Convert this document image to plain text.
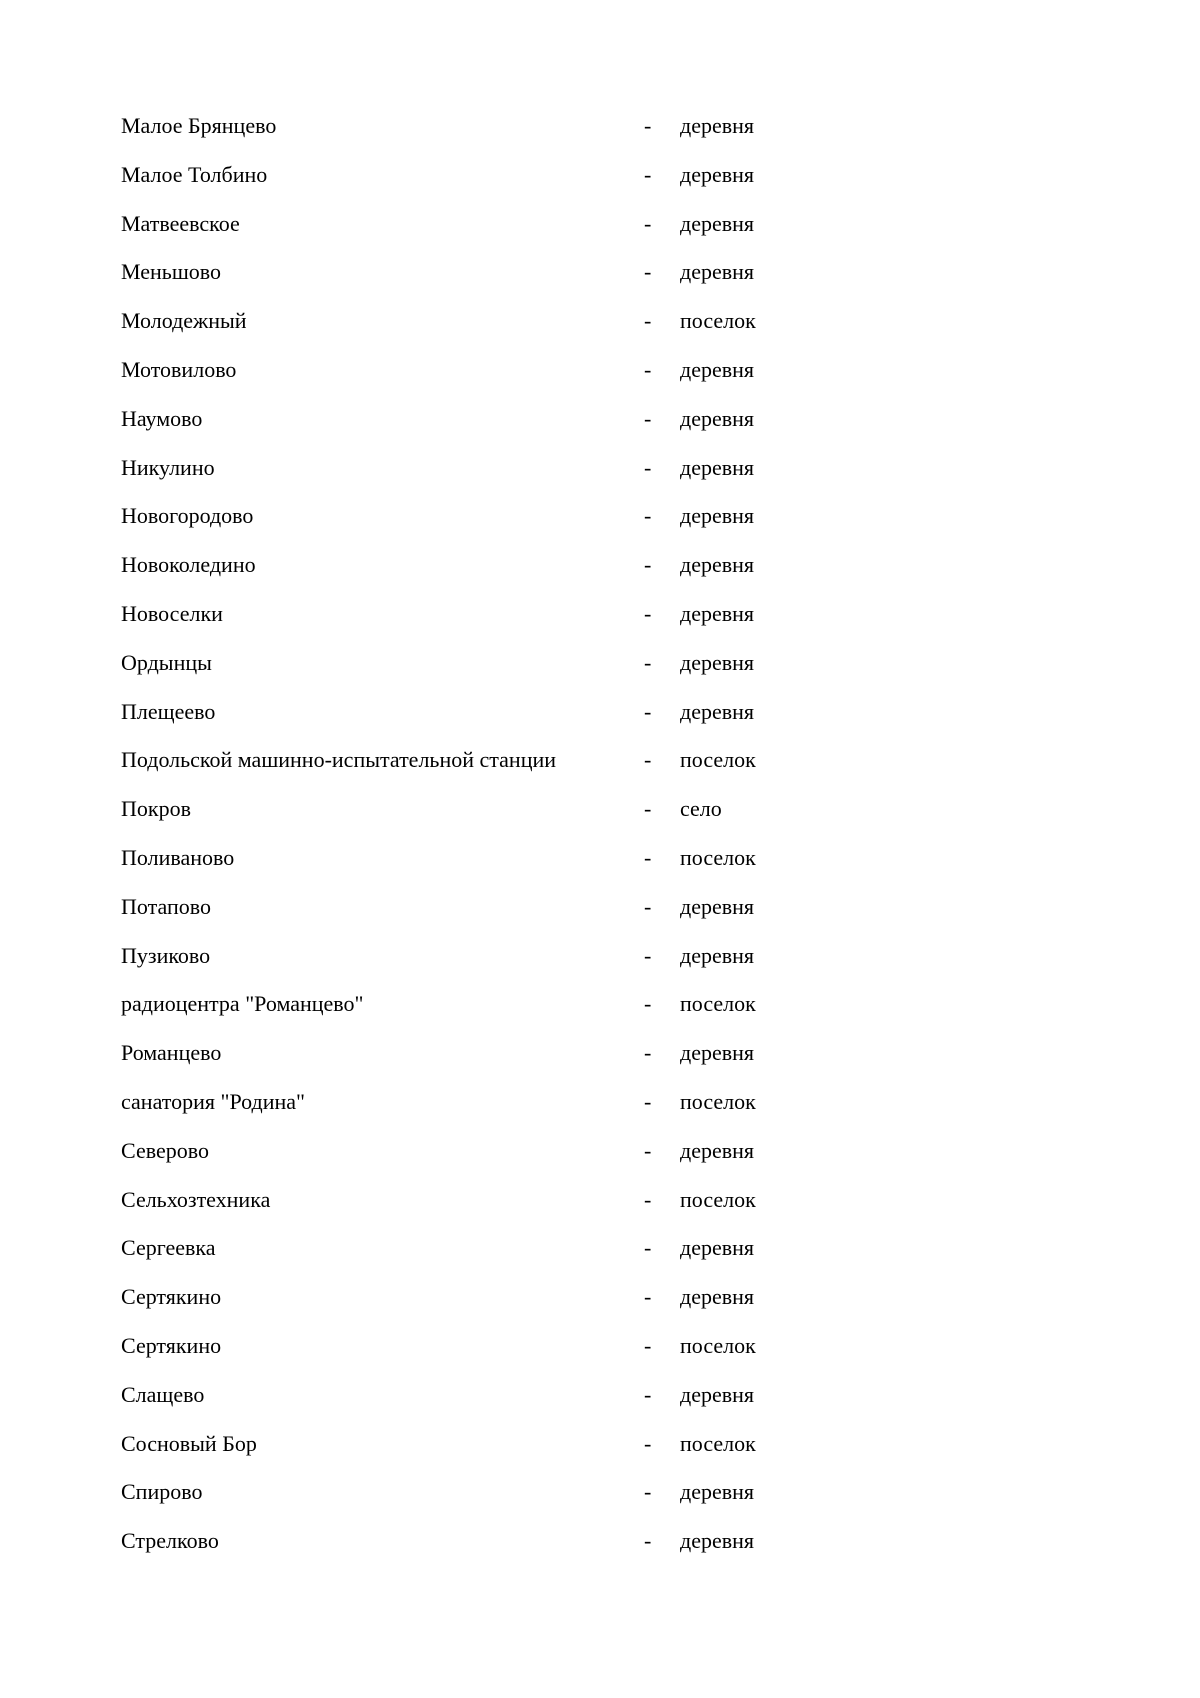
Малое Брянцево	- деревня
Малое Толбино	- деревня
Матвеевское	- деревня
Меньшово	- деревня
Молодежный	- поселок
Мотовилово	- деревня
Наумово	- деревня
Никулино	- деревня
Новогородово	- деревня
Новоколедино	- деревня
Новоселки	- деревня
Ордынцы	- деревня
Плещеево	- деревня
Подольской машинно-испытательной станции	- поселок
Покров	- село
Поливаново	- поселок
Потапово	- деревня
Пузиково	- деревня
радиоцентра "Романцево"	- поселок
Романцево	- деревня
санатория "Родина"	- поселок
Северово	- деревня
Сельхозтехника	- поселок
Сергеевка	- деревня
Сертякино	- деревня
Сертякино	- поселок
Слащево	- деревня
Сосновый Бор	- поселок
Спирово	- деревня
Стрелково	- деревня
